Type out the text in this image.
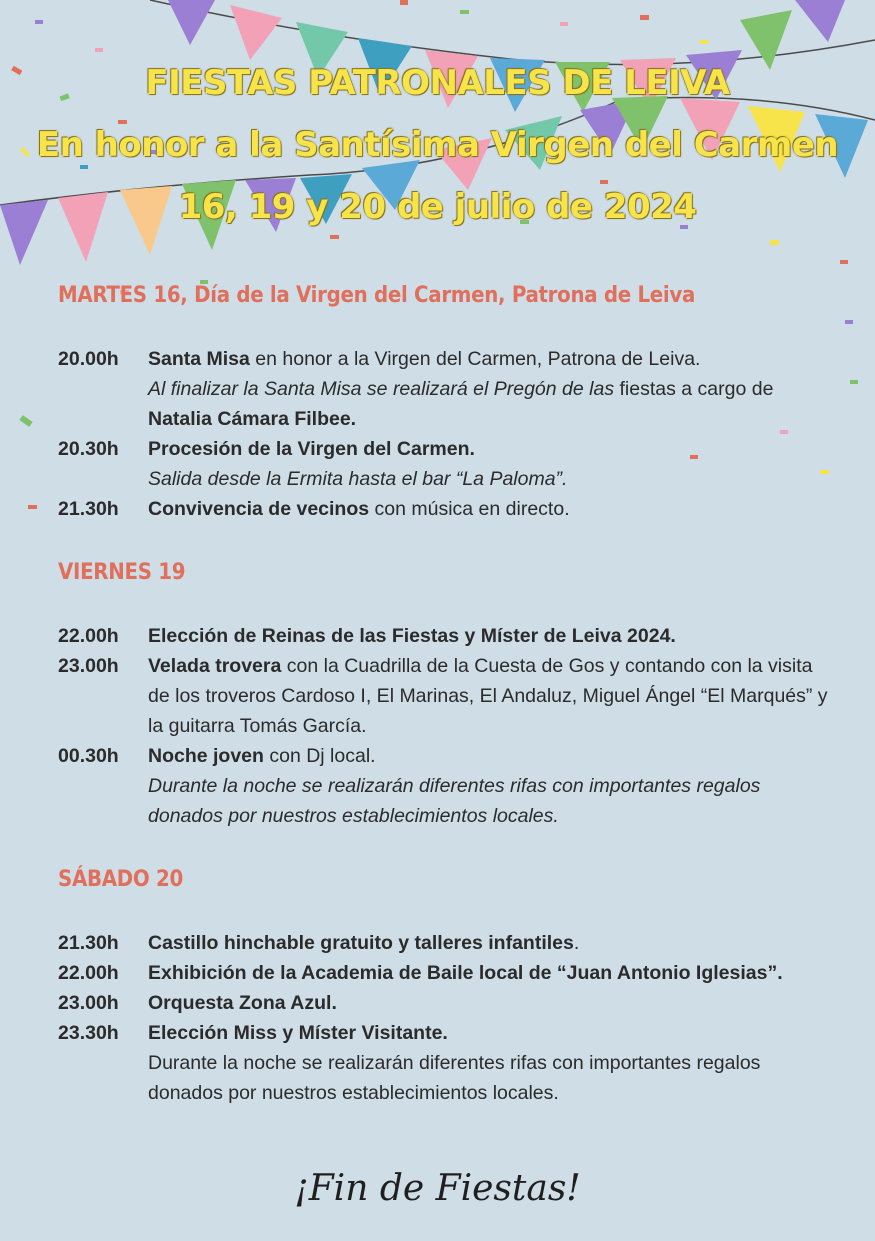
FIESTAS PATRONALES DE LEIVA
En honor a la Santísima Virgen del Carmen
16, 19 y 20 de julio de 2024
MARTES 16, Día de la Virgen del Carmen, Patrona de Leiva
20.00h	Santa Misa en honor a la Virgen del Carmen, Patrona de Leiva.
Al finalizar la Santa Misa se realizará el Pregón de las fiestas a cargo de Natalia Cámara Filbee.
20.30h	Procesión de la Virgen del Carmen.
Salida desde la Ermita hasta el bar “La Paloma”.
21.30h	Convivencia de vecinos con música en directo.
VIERNES 19
22.00h	Elección de Reinas de las Fiestas y Míster de Leiva 2024.
23.00h	Velada trovera con la Cuadrilla de la Cuesta de Gos y contando con la visita de los troveros Cardoso I, El Marinas, El Andaluz, Miguel Ángel “El Marqués” y la guitarra Tomás García.
00.30h	Noche joven con Dj local.
Durante la noche se realizarán diferentes rifas con importantes regalos donados por nuestros establecimientos locales.
SÁBADO 20
21.30h	Castillo hinchable gratuito y talleres infantiles.
22.00h	Exhibición de la Academia de Baile local de “Juan Antonio Iglesias”.
23.00h	Orquesta Zona Azul.
23.30h	Elección Miss y Míster Visitante.
Durante la noche se realizarán diferentes rifas con importantes regalos donados por nuestros establecimientos locales.
¡Fin de Fiestas!
